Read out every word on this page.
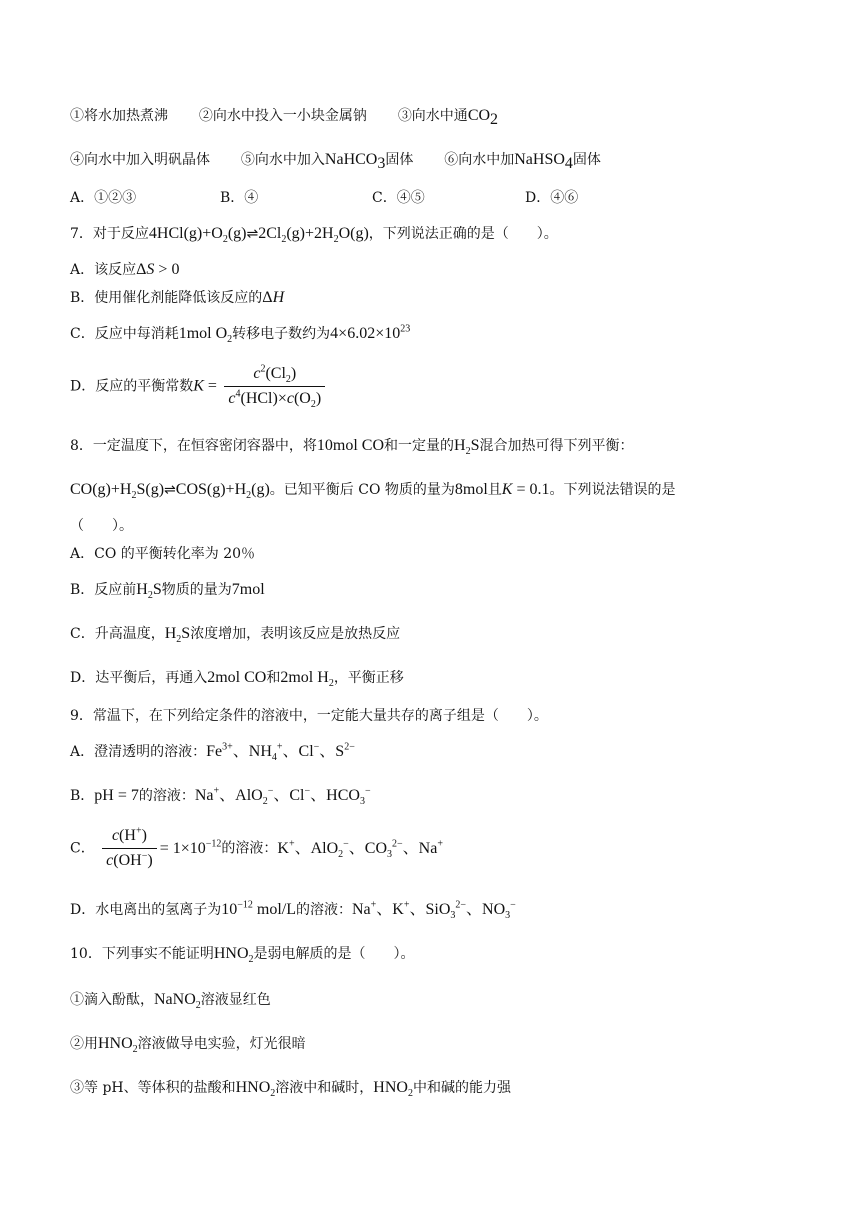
①将水加热煮沸 ②向水中投入一小块金属钠 ③向水中通$CO_2$
④向水中加入明矾晶体 ⑤向水中加入NaHCO$_3$固体 ⑥向水中加NaHSO$_4$固体
A．①②③	B．④	C．④⑤	D．④⑥
7．对于反应$4HCl(g)+O_2(g)\rightleftharpoons 2Cl_2(g)+2H_2O(g)$，下列说法正确的是（　　）。
A．该反应ΔS > 0
B．使用催化剂能降低该反应的ΔH
C．反应中每消耗1mol $O_2$转移电子数约为$4\times 6.02\times 10^{23}$
D．反应的平衡常数$K = \frac{c^2(Cl_2)}{c^4(HCl)\times c(O_2)}$
8．一定温度下，在恒容密闭容器中，将10mol CO和一定量的$H_2S$混合加热可得下列平衡：
$CO(g)+H_2S(g)\rightleftharpoons COS(g)+H_2(g)$。已知平衡后 CO 物质的量为8mol且K = 0.1。下列说法错误的是
（　　）。
A．CO 的平衡转化率为 20％
B．反应前$H_2S$物质的量为7mol
C．升高温度，$H_2S$浓度增加，表明该反应是放热反应
D．达平衡后，再通入2mol CO和2mol $H_2$，平衡正移
9．常温下，在下列给定条件的溶液中，一定能大量共存的离子组是（　　）。
A．澄清透明的溶液：$Fe^{3+}$、$NH_4^+$、Cl−、$S^{2-}$
B．pH = 7的溶液：Na+、AlO$_2$−、Cl−、$HCO_3^-$
C． $\frac{c(H^+)}{c(OH^-)} = 1\times 10^{-12}$的溶液：K+、AlO$_2$−、$CO_3^{2-}$、Na+
D．水电离出的氢离子为$10^{-12}$ mol/L的溶液：Na+、K+、SiO$_3^{2-}$、$NO_3^-$
10．下列事实不能证明$HNO_2$是弱电解质的是（　　）。
①滴入酚酞，NaNO$_2$溶液显红色
②用$HNO_2$溶液做导电实验，灯光很暗
③等 pH、等体积的盐酸和$HNO_2$溶液中和碱时，$HNO_2$中和碱的能力强
